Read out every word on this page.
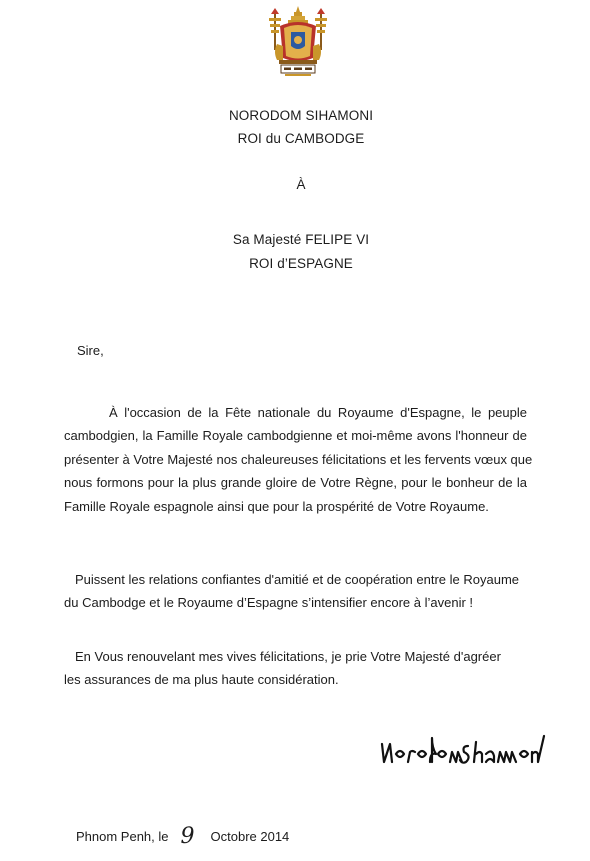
NORODOM SIHAMONI
ROI du CAMBODGE
À
Sa Majesté FELIPE VI
ROI d’ESPAGNE
Sire,
À l'occasion de la Fête nationale du Royaume d'Espagne, le peuple
cambodgien, la Famille Royale cambodgienne et moi-même avons l'honneur de
présenter à Votre Majesté nos chaleureuses félicitations et les fervents vœux que
nous formons pour la plus grande gloire de Votre Règne, pour le bonheur de la
Famille Royale espagnole ainsi que pour la prospérité de Votre Royaume.
Puissent les relations confiantes d'amitié et de coopération entre le Royaume
du Cambodge et le Royaume d’Espagne s’intensifier encore à l’avenir !
En Vous renouvelant mes vives félicitations, je prie Votre Majesté d'agréer
les assurances de ma plus haute considération.
Phnom Penh, le 9 Octobre 2014
